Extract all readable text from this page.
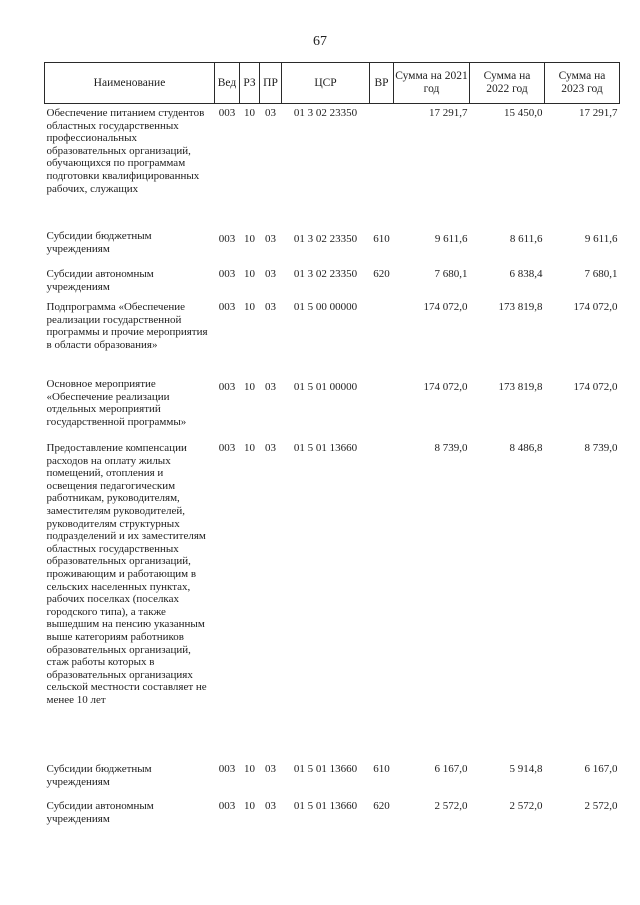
67
Наименование	Вед	РЗ	ПР	ЦСР	ВР	Сумма на 2021 год	Сумма на 2022 год	Сумма на 2023 год
Обеспечение питанием студентов областных государственных профессиональных образовательных организаций, обучающихся по программам подготовки квалифицированных рабочих, служащих	003	10	03	01 3 02 23350		17 291,7	15 450,0	17 291,7
Субсидии бюджетным учреждениям	003	10	03	01 3 02 23350	610	9 611,6	8 611,6	9 611,6
Субсидии автономным учреждениям	003	10	03	01 3 02 23350	620	7 680,1	6 838,4	7 680,1
Подпрограмма «Обеспечение реализации государственной программы и прочие мероприятия в области образования»	003	10	03	01 5 00 00000		174 072,0	173 819,8	174 072,0
Основное мероприятие «Обеспечение реализации отдельных мероприятий государственной программы»	003	10	03	01 5 01 00000		174 072,0	173 819,8	174 072,0
Предоставление компенсации расходов на оплату жилых помещений, отопления и освещения педагогическим работникам, руководителям, заместителям руководителей, руководителям структурных подразделений и их заместителям областных государственных образовательных организаций, проживающим и работающим в сельских населенных пунктах, рабочих поселках (поселках городского типа), а также вышедшим на пенсию указанным выше категориям работников образовательных организаций, стаж работы которых в образовательных организациях сельской местности составляет не менее 10 лет	003	10	03	01 5 01 13660		8 739,0	8 486,8	8 739,0
Субсидии бюджетным учреждениям	003	10	03	01 5 01 13660	610	6 167,0	5 914,8	6 167,0
Субсидии автономным учреждениям	003	10	03	01 5 01 13660	620	2 572,0	2 572,0	2 572,0
